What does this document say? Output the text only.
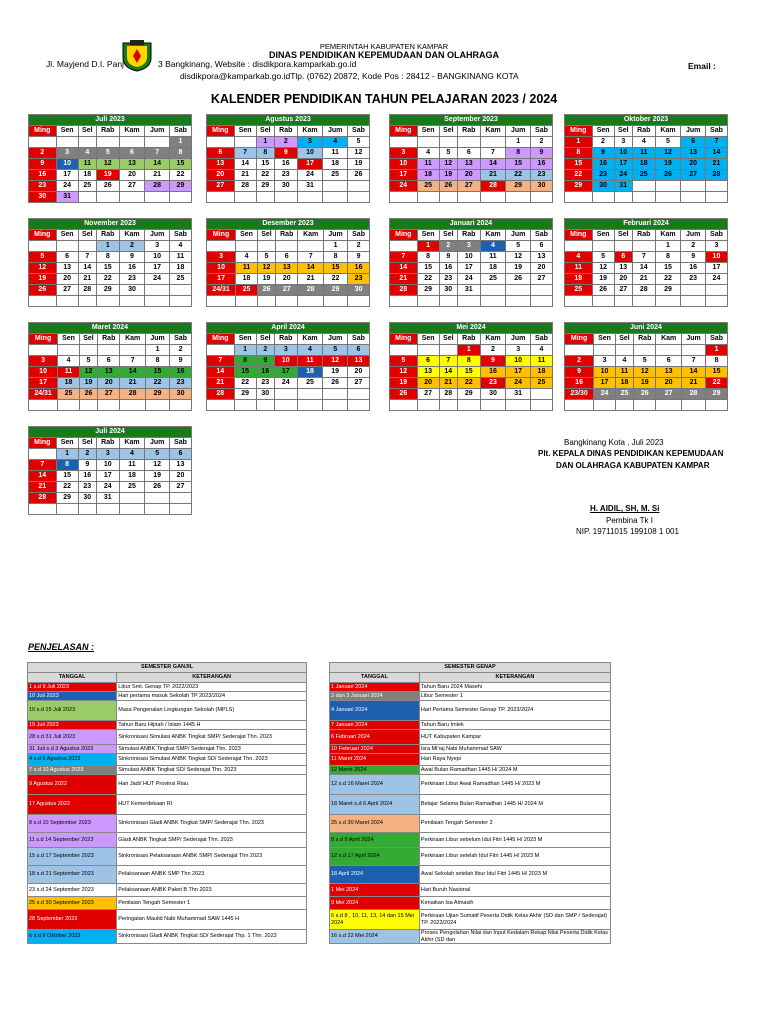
PEMERINTAH KABUPATEN KAMPAR
DINAS PENDIDIKAN KEPEMUDAAN DAN OLAHRAGA
Jl. Mayjend D.I. Panj	3 Bangkinang, Website : disdikpora.kamparkab.go.id	Email :
disdikpora@kamparkab.go.idTlp. (0762) 20872, Kode Pos : 28412 - BANGKINANG KOTA
KALENDER PENDIDIKAN TAHUN PELAJARAN 2023 / 2024
Juli 2023						
Ming	Sen	Sel	Rab	Kam	Jum	Sab
						1
2	3	4	5	6	7	8
9	10	11	12	13	14	15
16	17	18	19	20	21	22
23	24	25	26	27	28	29
30	31					
Agustus 2023						
Ming	Sen	Sel	Rab	Kam	Jum	Sab
		1	2	3	4	5
6	7	8	9	10	11	12
13	14	15	16	17	18	19
20	21	22	23	24	25	26
27	28	29	30	31		

September 2023						
Ming	Sen	Sel	Rab	Kam	Jum	Sab
					1	2
3	4	5	6	7	8	9
10	11	12	13	14	15	16
17	18	19	20	21	22	23
24	25	26	27	28	29	30

Oktober 2023						
Ming	Sen	Sel	Rab	Kam	Jum	Sab
1	2	3	4	5	6	7
8	9	10	11	12	13	14
15	16	17	18	19	20	21
22	23	24	25	26	27	28
29	30	31				

November 2023						
Ming	Sen	Sel	Rab	Kam	Jum	Sab
			1	2	3	4
5	6	7	8	9	10	11
12	13	14	15	16	17	18
19	20	21	22	23	24	25
26	27	28	29	30		

Desember 2023						
Ming	Sen	Sel	Rab	Kam	Jum	Sab
					1	2
3	4	5	6	7	8	9
10	11	12	13	14	15	16
17	18	19	20	21	22	23
24/31	25	26	27	28	29	30

Januari 2024						
Ming	Sen	Sel	Rab	Kam	Jum	Sab
	1	2	3	4	5	6
7	8	9	10	11	12	13
14	15	16	17	18	19	20
21	22	23	24	25	26	27
28	29	30	31			

Februari 2024						
Ming	Sen	Sel	Rab	Kam	Jum	Sab
				1	2	3
4	5	6	7	8	9	10
11	12	13	14	15	16	17
18	19	20	21	22	23	24
25	26	27	28	29		

Maret 2024						
Ming	Sen	Sel	Rab	Kam	Jum	Sab
					1	2
3	4	5	6	7	8	9
10	11	12	13	14	15	16
17	18	19	20	21	22	23
24/31	25	26	27	28	29	30

April 2024						
Ming	Sen	Sel	Rab	Kam	Jum	Sab
	1	2	3	4	5	6
7	8	9	10	11	12	13
14	15	16	17	18	19	20
21	22	23	24	25	26	27
28	29	30				

Mei 2024						
Ming	Sen	Sel	Rab	Kam	Jum	Sab
			1	2	3	4
5	6	7	8	9	10	11
12	13	14	15	16	17	18
19	20	21	22	23	24	25
26	27	28	29	30	31	

Juni 2024						
Ming	Sen	Sel	Rab	Kam	Jum	Sab
						1
2	3	4	5	6	7	8
9	10	11	12	13	14	15
16	17	18	19	20	21	22
23/30	24	25	26	27	28	29

Juli 2024						
Ming	Sen	Sel	Rab	Kam	Jum	Sab
	1	2	3	4	5	6
7	8	9	10	11	12	13
14	15	16	17	18	19	20
21	22	23	24	25	26	27
28	29	30	31			

Bangkinang Kota , Juli 2023
Plt. KEPALA DINAS PENDIDIKAN KEPEMUDAAN
DAN OLAHRAGA KABUPATEN KAMPAR
H. AIDIL, SH, M. Si
Pembina Tk I
NIP. 19711015 199108 1 001
PENJELASAN :
SEMESTER GANJIL	
TANGGAL	KETERANGAN
1 s.d 9 Juli 2023	Libur Smt. Genap TP. 2022/2023
10 Juli 2023	Hari pertama masuk Sekolah TP 2023/2024
10 s.d 15 Juli 2023	Masa Pengenalan Lingkungan Sekolah (MPLS)
19 Juli 2023	Tahun Baru Hijriah / Islam 1445 H
28 s.d 31 Juli 2023	Sinkronisasi Simulasi ANBK Tingkat SMP/ Sederajat Thn. 2023
31 Juli s.d 3 Agustus 2023	Simulasi ANBK Tingkat SMP/ Sederajat Thn. 2023
4 s.d 6 Agustus 2023	Sinkronisasi Simulasi ANBK Tingkat SD/ Sederajat Thn. 2023
7 s.d 10 Agustus 2023	Simulasi ANBK Tingkat SD/ Sederajat Thn. 2023
9 Agustus 2022	Hari Jadi/ HUT Provinsi Riau
17 Agustus 2022	HUT Kemerdekaan RI
8 s.d 10 September 2023	Sinkronisasi Gladi ANBK Tingkat SMP/ Sederajat Thn. 2023
11 s.d 14 September 2023	Gladi ANBK Tingkat SMP/ Sederajat Thn. 2023
15 s.d 17 September 2023	Sinkronisasi Pelaksanaan ANBK SMP/ Sederajat Thn 2023
18 s.d 21 September 2023	Pelaksanaan ANBK SMP Thn 2023
23 s.d 24 September 2023	Pelaksanaan ANBK Paket B Thn 2023
25 s.d 30 September 2023	Penilaian Tengah Semester 1
28 September 2023	Peringatan Maulid Nabi Muhammad SAW 1445 H
6 s.d 8 Oktober 2023	Sinkronisasi Gladi ANBK Tingkat SD/ Sederajat Thp. 1 Thn. 2023
SEMESTER GENAP	
TANGGAL	KETERANGAN
1 Januari 2024	Tahun Baru 2024 Masehi
2 dan 3 Januari 2024	Libur Semester 1
4 Januari 2024	Hari Pertama Semester Genap TP. 2023/2024
7 Januari 2024	Tahun Baru Imlek
6 Februari 2024	HUT Kabupaten Kampar
10 Februari 2024	Isra Mi'raj Nabi Muhammad SAW
11 Maret 2024	Hari Raya Nyepi
12 Maret 2024	Awal Bulan Ramadhan 1445 H/ 2024 M
12 s.d 16 Maret 2024	Perkiraan Libur Awal Ramadhan 1445 H/ 2023 M
18 Maret s.d 6 April 2024	Belajar Selama Bulan Ramadhan 1445 H/ 2024 M
25 s.d 30 Maret 2024	Penilaian Tengah Semester 2
8 s.d 9 April 2024	Perkiraan Libur sebelum Idul Fitri 1445 H/ 2023 M
12 s.d 17 April 2024	Perkiraan Libur setelah Idul Fitri 1445 H/ 2023 M
18 April 2024	Awal Sekolah setelah libur Idul Fitri 1445 H/ 2023 M
1 Mei 2024	Hari Buruh Nasional
9 Mei 2024	Kenaikan Isa Almasih
6 s.d 8 , 10, 11, 13, 14 dan 15 Mei 2024	Perkiraan Ujian Sumatif Peserta Didik Kelas Akhir (SD dan SMP / Sederajat) TP. 2023/2024
16 s.d 22 Mei 2024	Proses Pengolahan Nilai dan Input Kedalam Rekap Nilai Peserta Didik Kelas Akhir (SD dan
